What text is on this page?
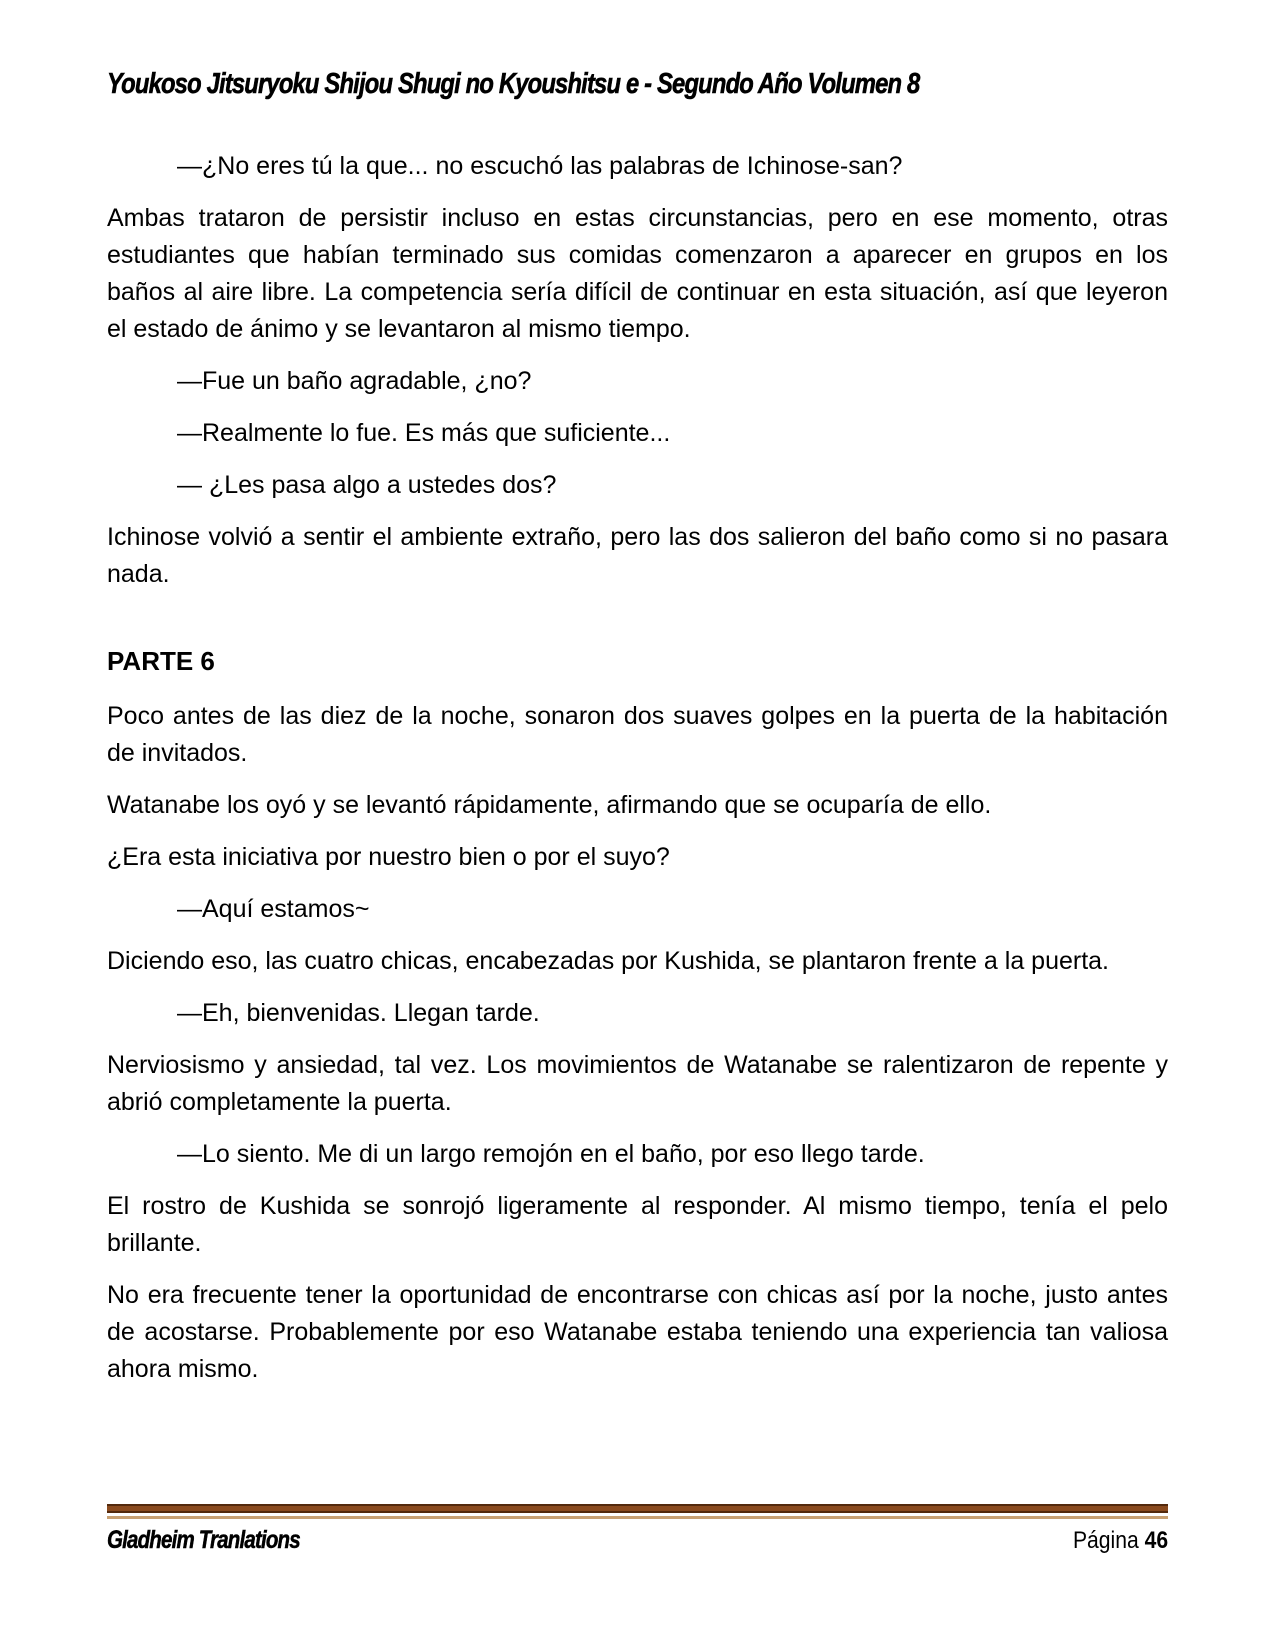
Youkoso Jitsuryoku Shijou Shugi no Kyoushitsu e - Segundo Año Volumen 8

—¿No eres tú la que... no escuchó las palabras de Ichinose-san?

Ambas trataron de persistir incluso en estas circunstancias, pero en ese momento, otras estudiantes que habían terminado sus comidas comenzaron a aparecer en grupos en los baños al aire libre. La competencia sería difícil de continuar en esta situación, así que leyeron el estado de ánimo y se levantaron al mismo tiempo.

—Fue un baño agradable, ¿no?

—Realmente lo fue. Es más que suficiente...

— ¿Les pasa algo a ustedes dos?

Ichinose volvió a sentir el ambiente extraño, pero las dos salieron del baño como si no pasara nada.

PARTE 6

Poco antes de las diez de la noche, sonaron dos suaves golpes en la puerta de la habitación de invitados.

Watanabe los oyó y se levantó rápidamente, afirmando que se ocuparía de ello.

¿Era esta iniciativa por nuestro bien o por el suyo?

—Aquí estamos~

Diciendo eso, las cuatro chicas, encabezadas por Kushida, se plantaron frente a la puerta.

—Eh, bienvenidas. Llegan tarde.

Nerviosismo y ansiedad, tal vez. Los movimientos de Watanabe se ralentizaron de repente y abrió completamente la puerta.

—Lo siento. Me di un largo remojón en el baño, por eso llego tarde.

El rostro de Kushida se sonrojó ligeramente al responder. Al mismo tiempo, tenía el pelo brillante.

No era frecuente tener la oportunidad de encontrarse con chicas así por la noche, justo antes de acostarse. Probablemente por eso Watanabe estaba teniendo una experiencia tan valiosa ahora mismo.

Gladheim Tranlations	Página 46
